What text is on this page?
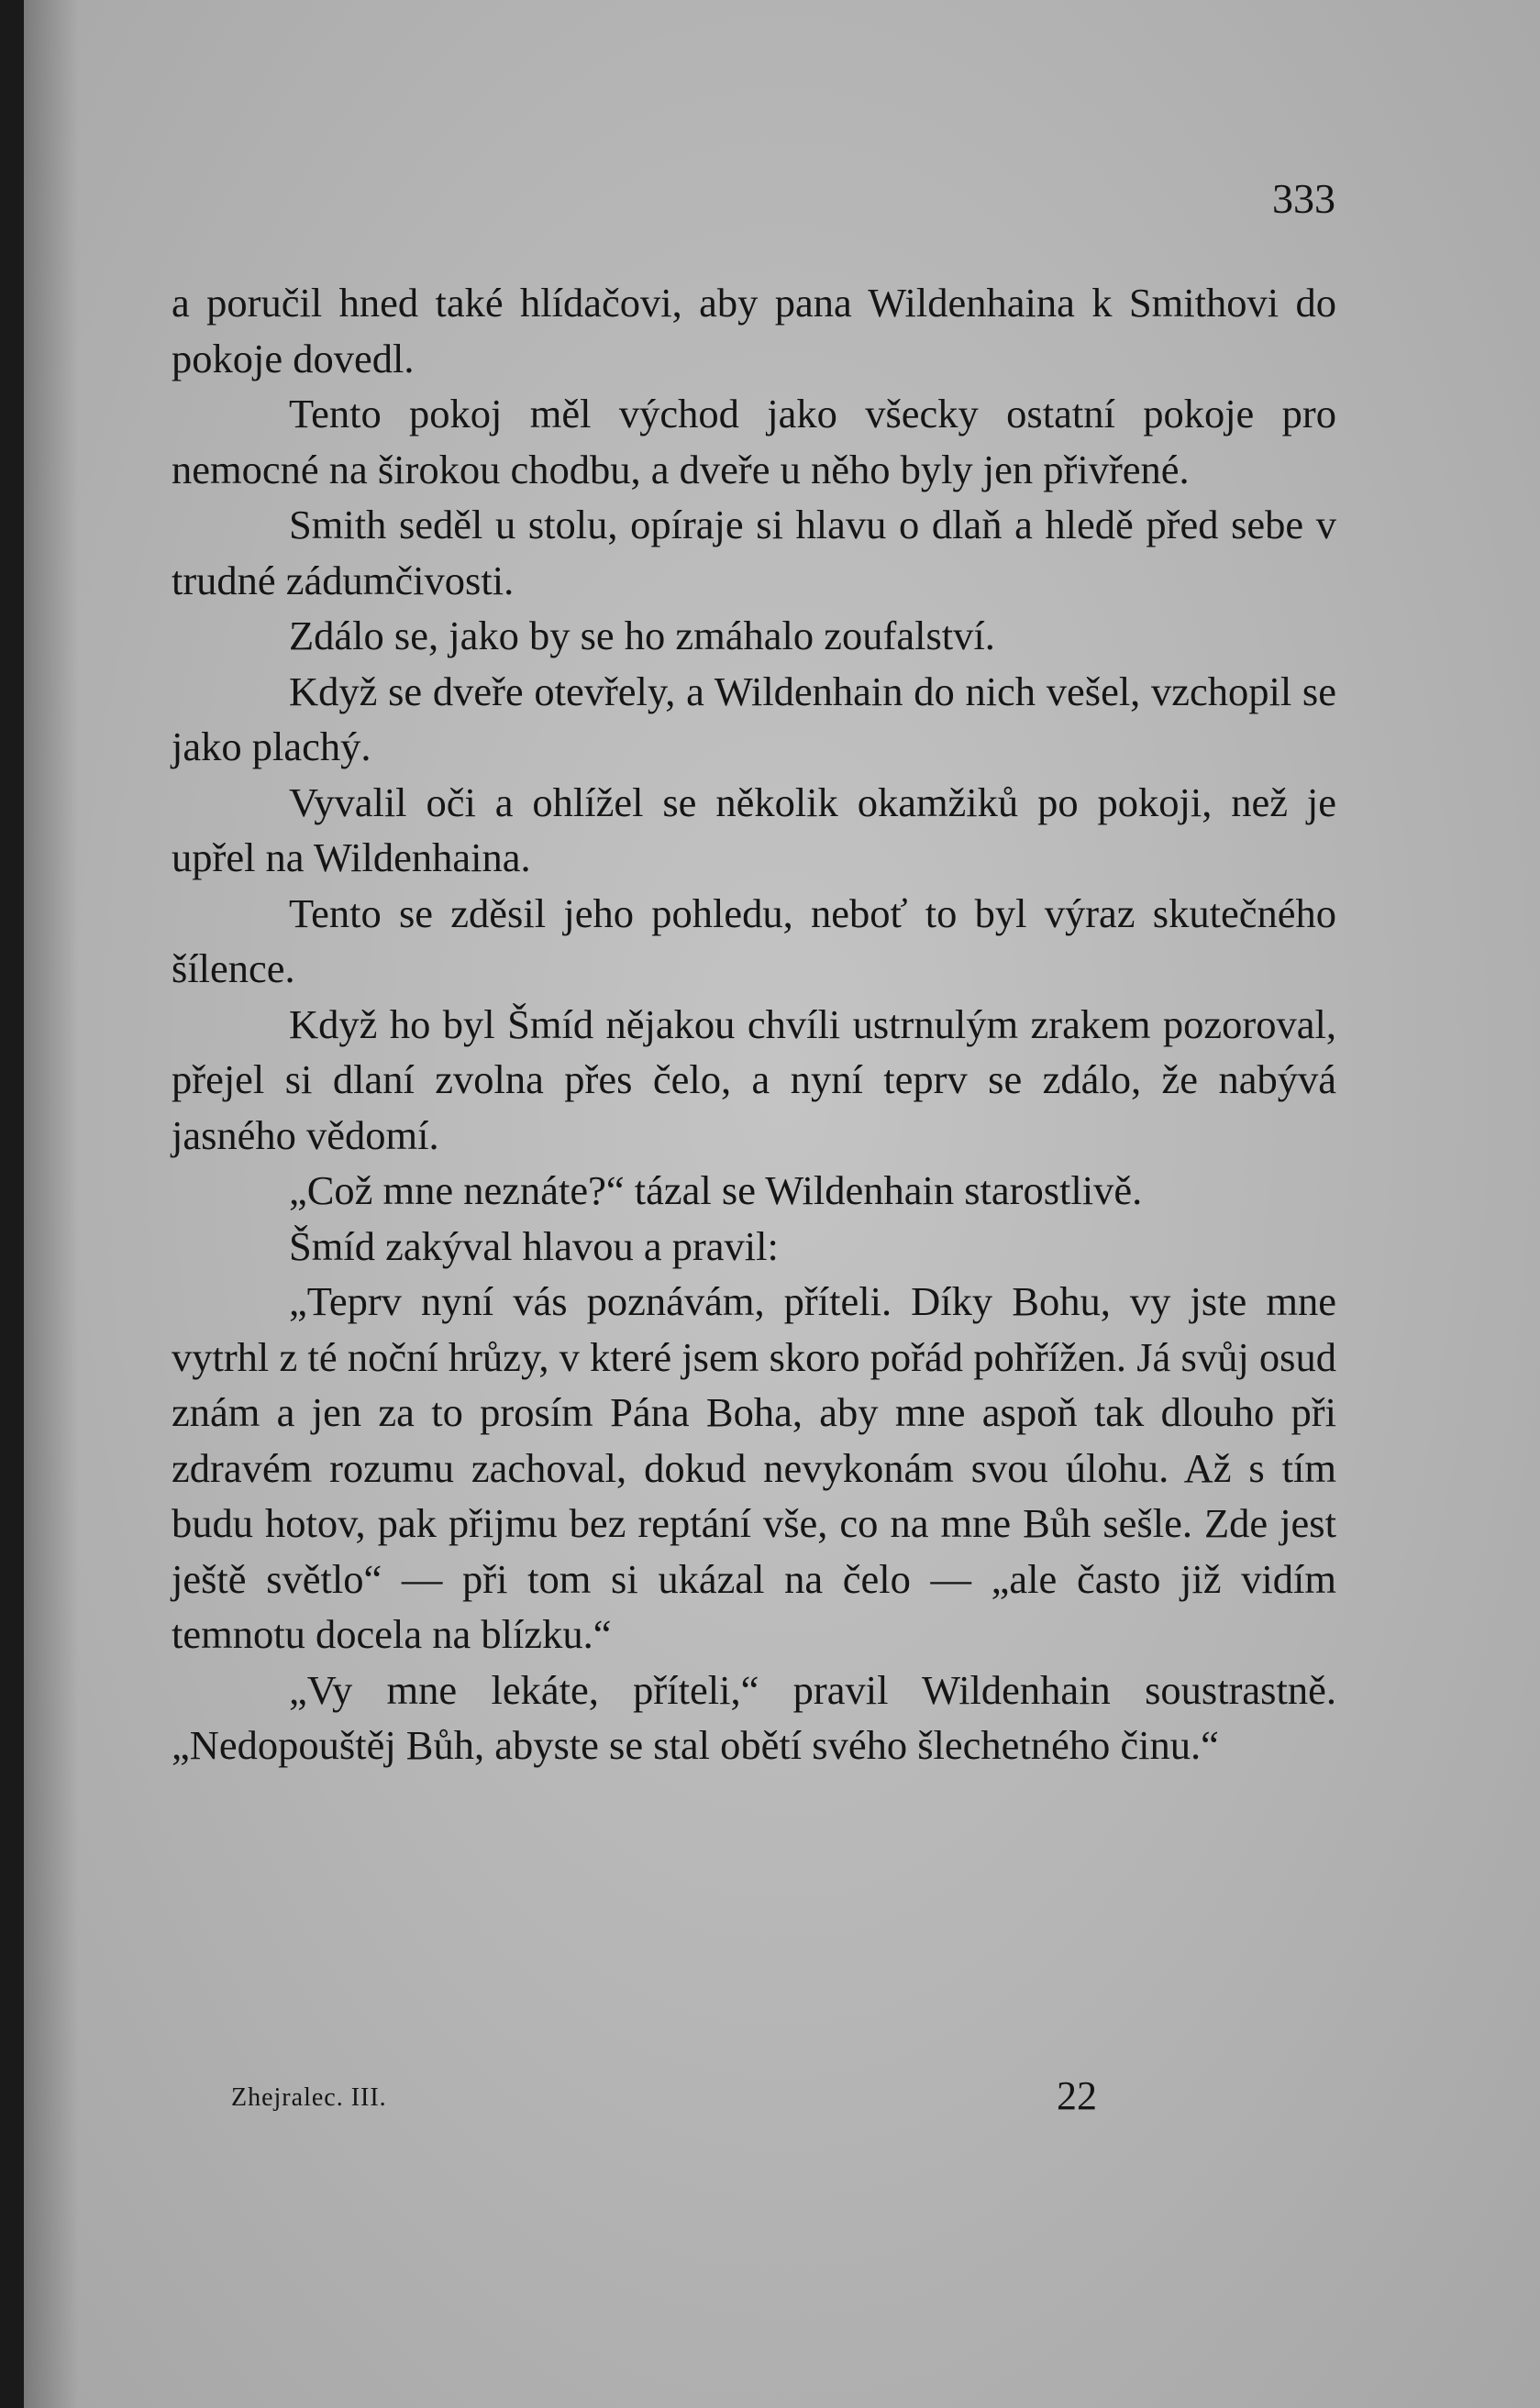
333

a poručil hned také hlídačovi, aby pana Wildenhaina k Smithovi do pokoje dovedl.

Tento pokoj měl východ jako všecky ostatní pokoje pro nemocné na širokou chodbu, a dveře u něho byly jen přivřené.

Smith seděl u stolu, opíraje si hlavu o dlaň a hledě před sebe v trudné zádumčivosti.

Zdálo se, jako by se ho zmáhalo zoufalství.

Když se dveře otevřely, a Wildenhain do nich vešel, vzchopil se jako plachý.

Vyvalil oči a ohlížel se několik okamžiků po pokoji, než je upřel na Wildenhaina.

Tento se zděsil jeho pohledu, neboť to byl výraz skutečného šílence.

Když ho byl Šmíd nějakou chvíli ustrnulým zrakem pozoroval, přejel si dlaní zvolna přes čelo, a nyní teprv se zdálo, že nabývá jasného vědomí.

„Což mne neznáte?“ tázal se Wildenhain starostlivě.

Šmíd zakýval hlavou a pravil:

„Teprv nyní vás poznávám, příteli. Díky Bohu, vy jste mne vytrhl z té noční hrůzy, v které jsem skoro pořád pohřížen. Já svůj osud znám a jen za to prosím Pána Boha, aby mne aspoň tak dlouho při zdravém rozumu zachoval, dokud nevykonám svou úlohu. Až s tím budu hotov, pak přijmu bez reptání vše, co na mne Bůh sešle. Zde jest ještě světlo“ — při tom si ukázal na čelo — „ale často již vidím temnotu docela na blízku.“

„Vy mne lekáte, příteli,“ pravil Wildenhain soustrastně. „Nedopouštěj Bůh, abyste se stal obětí svého šlechetného činu.“

Zhejralec. III.	22
